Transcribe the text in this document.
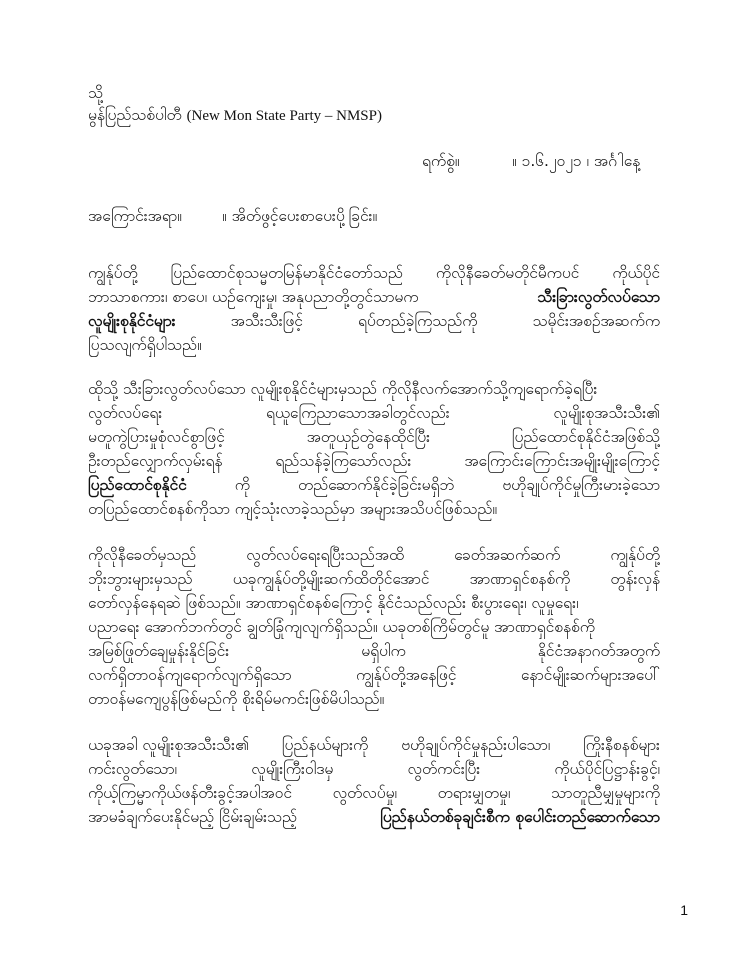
သို့
မွန်ပြည်သစ်ပါတီ (New Mon State Party – NMSP)
ရက်စွဲ။	။ ၁.၆.၂၀၂၁ ၊ အင်္ဂါနေ့
အကြောင်းအရာ။	။ အိတ်ဖွင့်ပေးစာပေးပို့ခြင်း။
ကျွန်ုပ်တို့ ပြည်ထောင်စုသမ္မတမြန်မာနိုင်ငံတော်သည် ကိုလိုနီခေတ်မတိုင်မီကပင် ကိုယ်ပိုင်
ဘာသာစကား၊ စာပေ၊ ယဉ်ကျေးမှု၊ အနုပညာတို့တွင်သာမက	သီးခြားလွတ်လပ်သော
လူမျိုးစုနိုင်ငံများ	အသီးသီးဖြင့်	ရပ်တည်ခဲ့ကြသည်ကို	သမိုင်းအစဉ်အဆက်က
ပြသလျက်ရှိပါသည်။
ထိုသို့ သီးခြားလွတ်လပ်သော လူမျိုးစုနိုင်ငံများမှသည် ကိုလိုနီလက်အောက်သို့ကျရောက်ခဲ့ရပြီး
လွတ်လပ်ရေး	ရယူကြေညာသောအခါတွင်လည်း	လူမျိုးစုအသီးသီး၏
မတူကွဲပြားမှုစုံလင်စွာဖြင့်	အတူယှဉ်တွဲနေထိုင်ပြီး	ပြည်ထောင်စုနိုင်ငံအဖြစ်သို့
ဦးတည်လျှောက်လှမ်းရန်	ရည်သန်ခဲ့ကြသော်လည်း	အကြောင်းကြောင်းအမျိုးမျိုးကြောင့်
ပြည်ထောင်စုနိုင်ငံ	ကို	တည်ဆောက်နိုင်ခဲ့ခြင်းမရှိဘဲ	ဗဟိုချုပ်ကိုင်မှုကြီးမားခဲ့သော
တပြည်ထောင်စနစ်ကိုသာ ကျင့်သုံးလာခဲ့သည်မှာ အများအသိပင်ဖြစ်သည်။
ကိုလိုနီခေတ်မှသည်	လွတ်လပ်ရေးရပြီးသည်အထိ	ခေတ်အဆက်ဆက်	ကျွန်ုပ်တို့
ဘိုးဘွားများမှသည်	ယခုကျွန်ုပ်တို့မျိုးဆက်ထိတိုင်အောင်	အာဏာရှင်စနစ်ကို	တွန်းလှန်
တော်လှန်နေရဆဲ ဖြစ်သည်။ အာဏာရှင်စနစ်ကြောင့် နိုင်ငံသည်လည်း စီးပွားရေး၊ လူမှုရေး၊
ပညာရေး အောက်ဘက်တွင် ချွတ်ခြုံကျလျက်ရှိသည်။ ယခုတစ်ကြိမ်တွင်မူ အာဏာရှင်စနစ်ကို
အမြစ်ဖြုတ်ချေမှုန်းနိုင်ခြင်း	မရှိပါက	နိုင်ငံအနာဂတ်အတွက်
လက်ရှိတာဝန်ကျရောက်လျက်ရှိသော	ကျွန်ုပ်တို့အနေဖြင့်	နောင်မျိုးဆက်များအပေါ်
တာဝန်မကျေပွန်ဖြစ်မည်ကို စိုးရိမ်မကင်းဖြစ်မိပါသည်။
ယခုအခါ လူမျိုးစုအသီးသီး၏ ပြည်နယ်များကို ဗဟိုချုပ်ကိုင်မှုနည်းပါသော၊ ကြိုးနီစနစ်များ
ကင်းလွတ်သော၊	လူမျိုးကြီးဝါဒမှ	လွတ်ကင်းပြီး	ကိုယ်ပိုင်ပြဋ္ဌာန်းခွင့်၊
ကိုယ့်ကြမ္မာကိုယ်ဖန်တီးခွင့်အပါအဝင်	လွတ်လပ်မှု၊	တရားမျှတမှု၊	သာတူညီမျှမှုများကို
အာမခံချက်ပေးနိုင်မည့် ငြိမ်းချမ်းသည့်	ပြည်နယ်တစ်ခုချင်းစီက စုပေါင်းတည်ဆောက်သော
1
